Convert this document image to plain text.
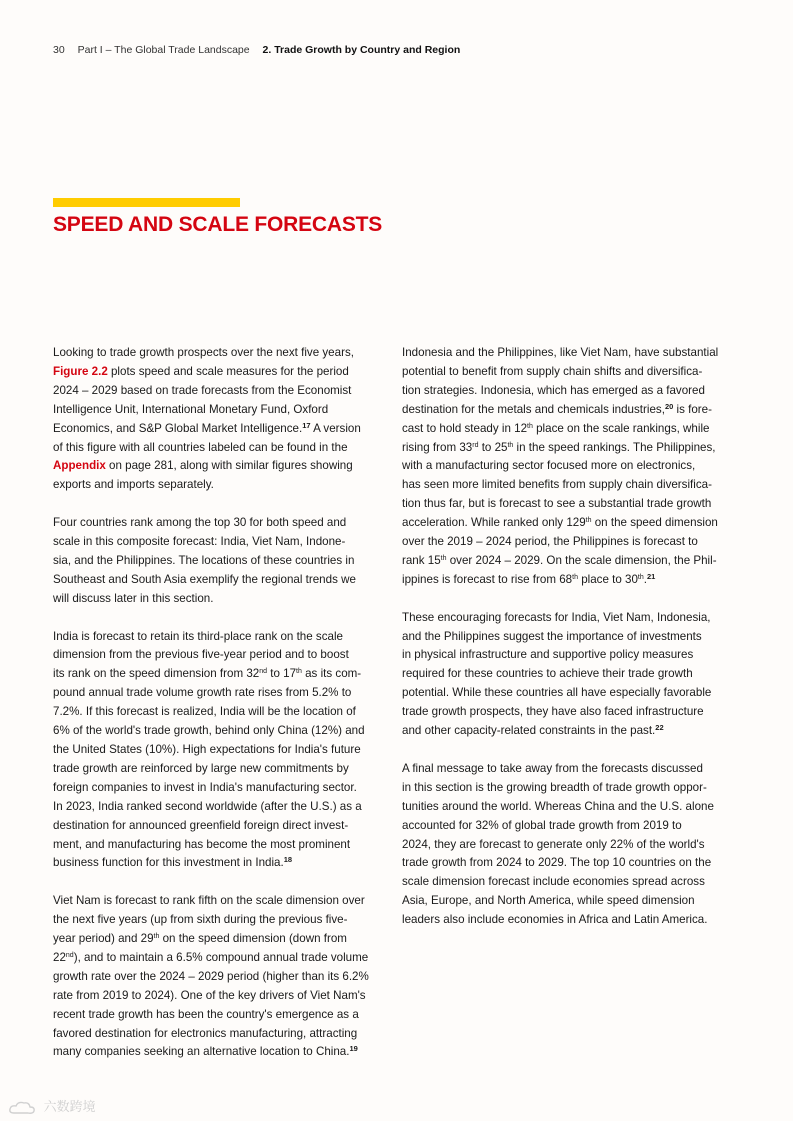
30 Part I – The Global Trade Landscape 2. Trade Growth by Country and Region
SPEED AND SCALE FORECASTS

Looking to trade growth prospects over the next five years,
Figure 2.2 plots speed and scale measures for the period
2024 – 2029 based on trade forecasts from the Economist
Intelligence Unit, International Monetary Fund, Oxford
Economics, and S&P Global Market Intelligence.$^{17}$ A version
of this figure with all countries labeled can be found in the
Appendix on page 281, along with similar figures showing
exports and imports separately.

Four countries rank among the top 30 for both speed and
scale in this composite forecast: India, Viet Nam, Indone-
sia, and the Philippines. The locations of these countries in
Southeast and South Asia exemplify the regional trends we
will discuss later in this section.

India is forecast to retain its third-place rank on the scale
dimension from the previous five-year period and to boost
its rank on the speed dimension from 32nd to 17th as its com-
pound annual trade volume growth rate rises from 5.2% to
7.2%. If this forecast is realized, India will be the location of
6% of the world's trade growth, behind only China (12%) and
the United States (10%). High expectations for India's future
trade growth are reinforced by large new commitments by
foreign companies to invest in India's manufacturing sector.
In 2023, India ranked second worldwide (after the U.S.) as a
destination for announced greenfield foreign direct invest-
ment, and manufacturing has become the most prominent
business function for this investment in India.$^{18}$

Viet Nam is forecast to rank fifth on the scale dimension over
the next five years (up from sixth during the previous five-
year period) and 29th on the speed dimension (down from
22nd), and to maintain a 6.5% compound annual trade volume
growth rate over the 2024 – 2029 period (higher than its 6.2%
rate from 2019 to 2024). One of the key drivers of Viet Nam's
recent trade growth has been the country's emergence as a
favored destination for electronics manufacturing, attracting
many companies seeking an alternative location to China.$^{19}$

Indonesia and the Philippines, like Viet Nam, have substantial
potential to benefit from supply chain shifts and diversifica-
tion strategies. Indonesia, which has emerged as a favored
destination for the metals and chemicals industries,$^{20}$ is fore-
cast to hold steady in 12th place on the scale rankings, while
rising from 33rd to 25th in the speed rankings. The Philippines,
with a manufacturing sector focused more on electronics,
has seen more limited benefits from supply chain diversifica-
tion thus far, but is forecast to see a substantial trade growth
acceleration. While ranked only 129th on the speed dimension
over the 2019 – 2024 period, the Philippines is forecast to
rank 15th over 2024 – 2029. On the scale dimension, the Phil-
ippines is forecast to rise from 68th place to 30th.$^{21}$

These encouraging forecasts for India, Viet Nam, Indonesia,
and the Philippines suggest the importance of investments
in physical infrastructure and supportive policy measures
required for these countries to achieve their trade growth
potential. While these countries all have especially favorable
trade growth prospects, they have also faced infrastructure
and other capacity-related constraints in the past.$^{22}$

A final message to take away from the forecasts discussed
in this section is the growing breadth of trade growth oppor-
tunities around the world. Whereas China and the U.S. alone
accounted for 32% of global trade growth from 2019 to
2024, they are forecast to generate only 22% of the world's
trade growth from 2024 to 2029. The top 10 countries on the
scale dimension forecast include economies spread across
Asia, Europe, and North America, while speed dimension
leaders also include economies in Africa and Latin America.

六数跨境
